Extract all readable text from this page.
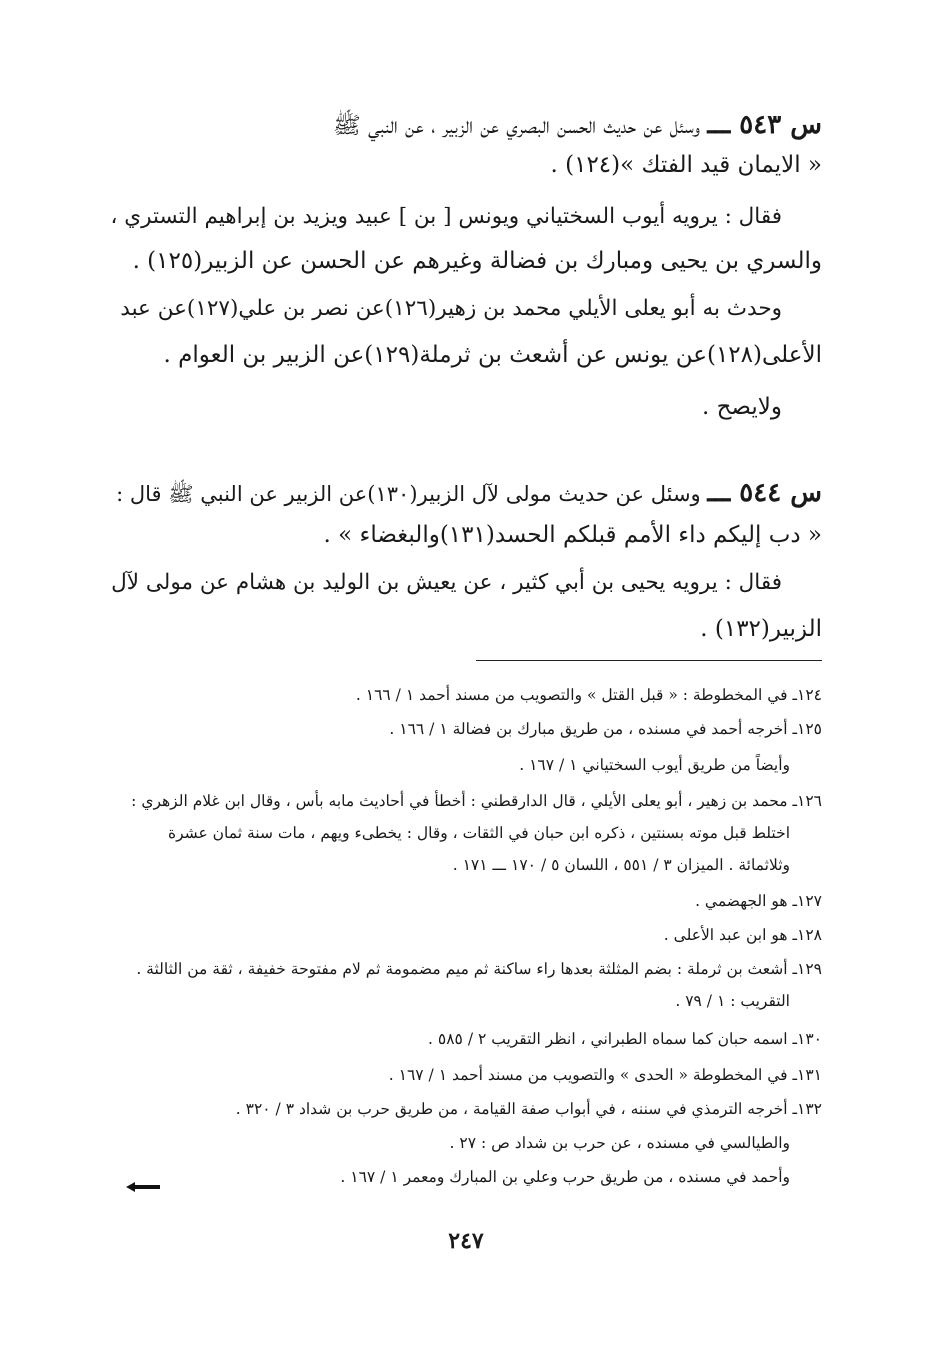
س ٥٤٣ ـــ وسئل عن حديث الحسن البصري عن الزبير ، عن النبي ﷺ
« الايمان قيد الفتك »(١٢٤) .
فقال : يرويه أيوب السختياني ويونس [ بن ] عبيد ويزيد بن إبراهيم التستري ،
والسري بن يحيى ومبارك بن فضالة وغيرهم عن الحسن عن الزبير(١٢٥) .
وحدث به أبو يعلى الأيلي محمد بن زهير(١٢٦)عن نصر بن علي(١٢٧)عن عبد
الأعلى(١٢٨)عن يونس عن أشعث بن ثرملة(١٢٩)عن الزبير بن العوام .
ولايصح .
س ٥٤٤ ـــ وسئل عن حديث مولى لآل الزبير(١٣٠)عن الزبير عن النبي ﷺ قال :
« دب إليكم داء الأمم قبلكم الحسد(١٣١)والبغضاء » .
فقال : يرويه يحيى بن أبي كثير ، عن يعيش بن الوليد بن هشام عن مولى لآل
الزبير(١٣٢) .
١٢٤ـ في المخطوطة : « قبل القتل » والتصويب من مسند أحمد ١ / ١٦٦ .
١٢٥ـ أخرجه أحمد في مسنده ، من طريق مبارك بن فضالة ١ / ١٦٦ .
وأيضاً من طريق أيوب السختياني ١ / ١٦٧ .
١٢٦ـ محمد بن زهير ، أبو يعلى الأيلي ، قال الدارقطني : أخطأ في أحاديث مابه بأس ، وقال ابن غلام الزهري :
اختلط قبل موته بسنتين ، ذكره ابن حبان في الثقات ، وقال : يخطىء ويهم ، مات سنة ثمان عشرة
وثلاثمائة . الميزان ٣ / ٥٥١ ، اللسان ٥ / ١٧٠ ـــ ١٧١ .
١٢٧ـ هو الجهضمي .
١٢٨ـ هو ابن عبد الأعلى .
١٢٩ـ أشعث بن ثرملة : بضم المثلثة بعدها راء ساكنة ثم ميم مضمومة ثم لام مفتوحة خفيفة ، ثقة من الثالثة .
التقريب : ١ / ٧٩ .
١٣٠ـ اسمه حبان كما سماه الطبراني ، انظر التقريب ٢ / ٥٨٥ .
١٣١ـ في المخطوطة « الحدى » والتصويب من مسند أحمد ١ / ١٦٧ .
١٣٢ـ أخرجه الترمذي في سننه ، في أبواب صفة القيامة ، من طريق حرب بن شداد ٣ / ٣٢٠ .
والطيالسي في مسنده ، عن حرب بن شداد ص : ٢٧ .
وأحمد في مسنده ، من طريق حرب وعلي بن المبارك ومعمر ١ / ١٦٧ .
٢٤٧
